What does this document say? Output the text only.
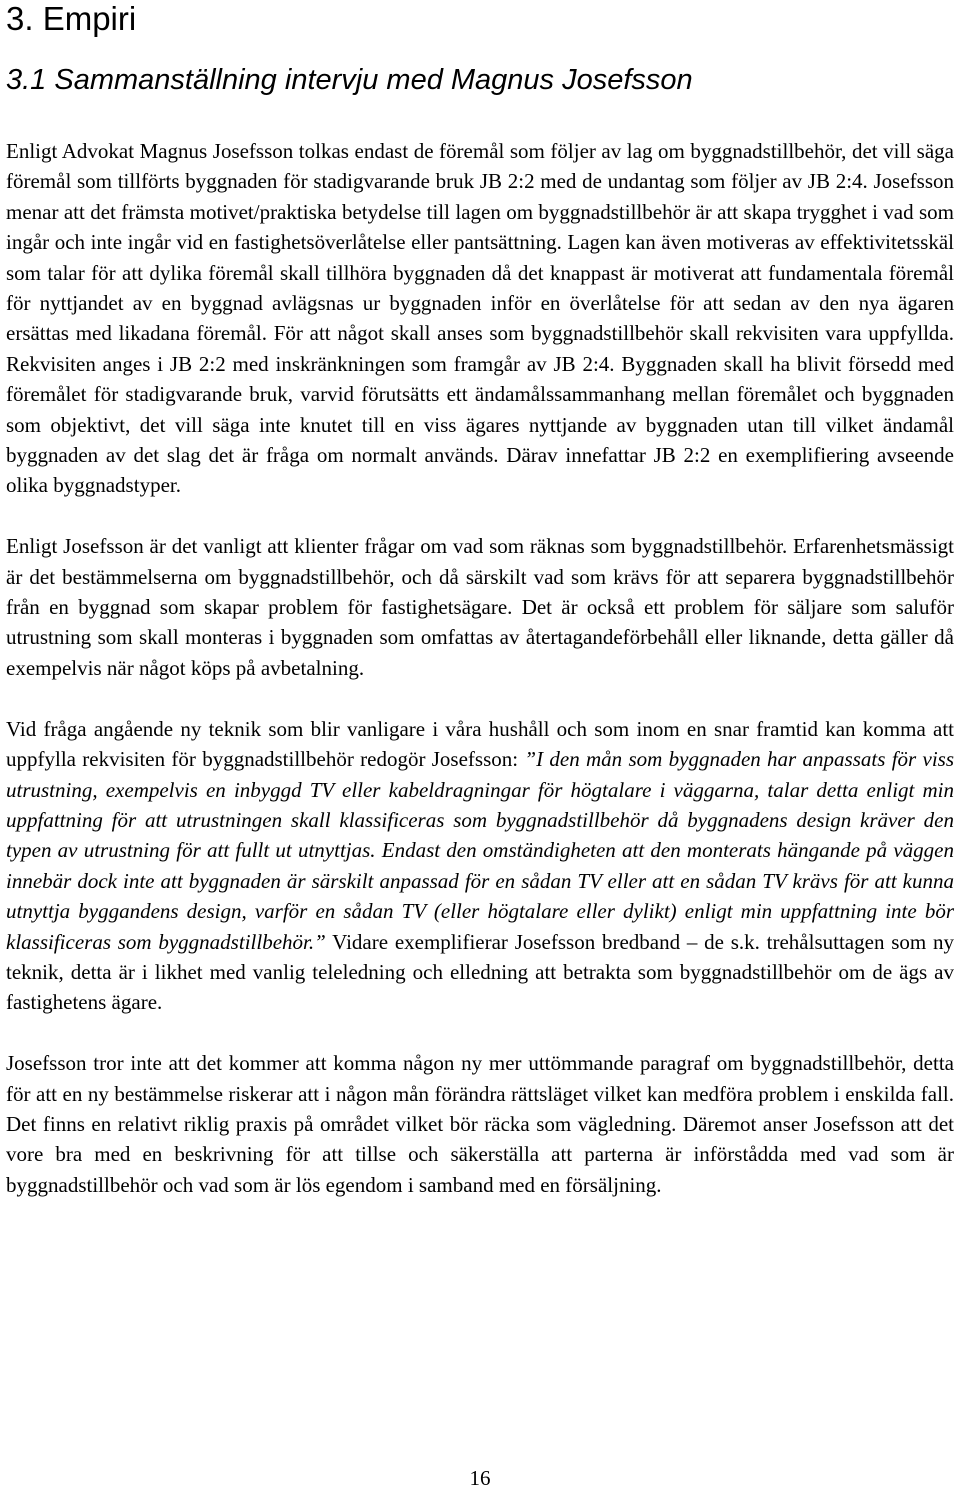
3. Empiri
3.1 Sammanställning intervju med Magnus Josefsson

Enligt Advokat Magnus Josefsson tolkas endast de föremål som följer av lag om byggnadstillbehör, det vill säga föremål som tillförts byggnaden för stadigvarande bruk JB 2:2 med de undantag som följer av JB 2:4. Josefsson menar att det främsta motivet/praktiska betydelse till lagen om byggnadstillbehör är att skapa trygghet i vad som ingår och inte ingår vid en fastighetsöverlåtelse eller pantsättning. Lagen kan även motiveras av effektivitetsskäl som talar för att dylika föremål skall tillhöra byggnaden då det knappast är motiverat att fundamentala föremål för nyttjandet av en byggnad avlägsnas ur byggnaden inför en överlåtelse för att sedan av den nya ägaren ersättas med likadana föremål. För att något skall anses som byggnadstillbehör skall rekvisiten vara uppfyllda. Rekvisiten anges i JB 2:2 med inskränkningen som framgår av JB 2:4. Byggnaden skall ha blivit försedd med föremålet för stadigvarande bruk, varvid förutsätts ett ändamålssammanhang mellan föremålet och byggnaden som objektivt, det vill säga inte knutet till en viss ägares nyttjande av byggnaden utan till vilket ändamål byggnaden av det slag det är fråga om normalt används. Därav innefattar JB 2:2 en exemplifiering avseende olika byggnadstyper.

Enligt Josefsson är det vanligt att klienter frågar om vad som räknas som byggnadstillbehör. Erfarenhetsmässigt är det bestämmelserna om byggnadstillbehör, och då särskilt vad som krävs för att separera byggnadstillbehör från en byggnad som skapar problem för fastighetsägare. Det är också ett problem för säljare som saluför utrustning som skall monteras i byggnaden som omfattas av återtagandeförbehåll eller liknande, detta gäller då exempelvis när något köps på avbetalning.

Vid fråga angående ny teknik som blir vanligare i våra hushåll och som inom en snar framtid kan komma att uppfylla rekvisiten för byggnadstillbehör redogör Josefsson: ”I den mån som byggnaden har anpassats för viss utrustning, exempelvis en inbyggd TV eller kabeldragningar för högtalare i väggarna, talar detta enligt min uppfattning för att utrustningen skall klassificeras som byggnadstillbehör då byggnadens design kräver den typen av utrustning för att fullt ut utnyttjas. Endast den omständigheten att den monterats hängande på väggen innebär dock inte att byggnaden är särskilt anpassad för en sådan TV eller att en sådan TV krävs för att kunna utnyttja byggandens design, varför en sådan TV (eller högtalare eller dylikt) enligt min uppfattning inte bör klassificeras som byggnadstillbehör.” Vidare exemplifierar Josefsson bredband – de s.k. trehålsuttagen som ny teknik, detta är i likhet med vanlig teleledning och elledning att betrakta som byggnadstillbehör om de ägs av fastighetens ägare.

Josefsson tror inte att det kommer att komma någon ny mer uttömmande paragraf om byggnadstillbehör, detta för att en ny bestämmelse riskerar att i någon mån förändra rättsläget vilket kan medföra problem i enskilda fall. Det finns en relativt riklig praxis på området vilket bör räcka som vägledning. Däremot anser Josefsson att det vore bra med en beskrivning för att tillse och säkerställa att parterna är införstådda med vad som är byggnadstillbehör och vad som är lös egendom i samband med en försäljning.

16
